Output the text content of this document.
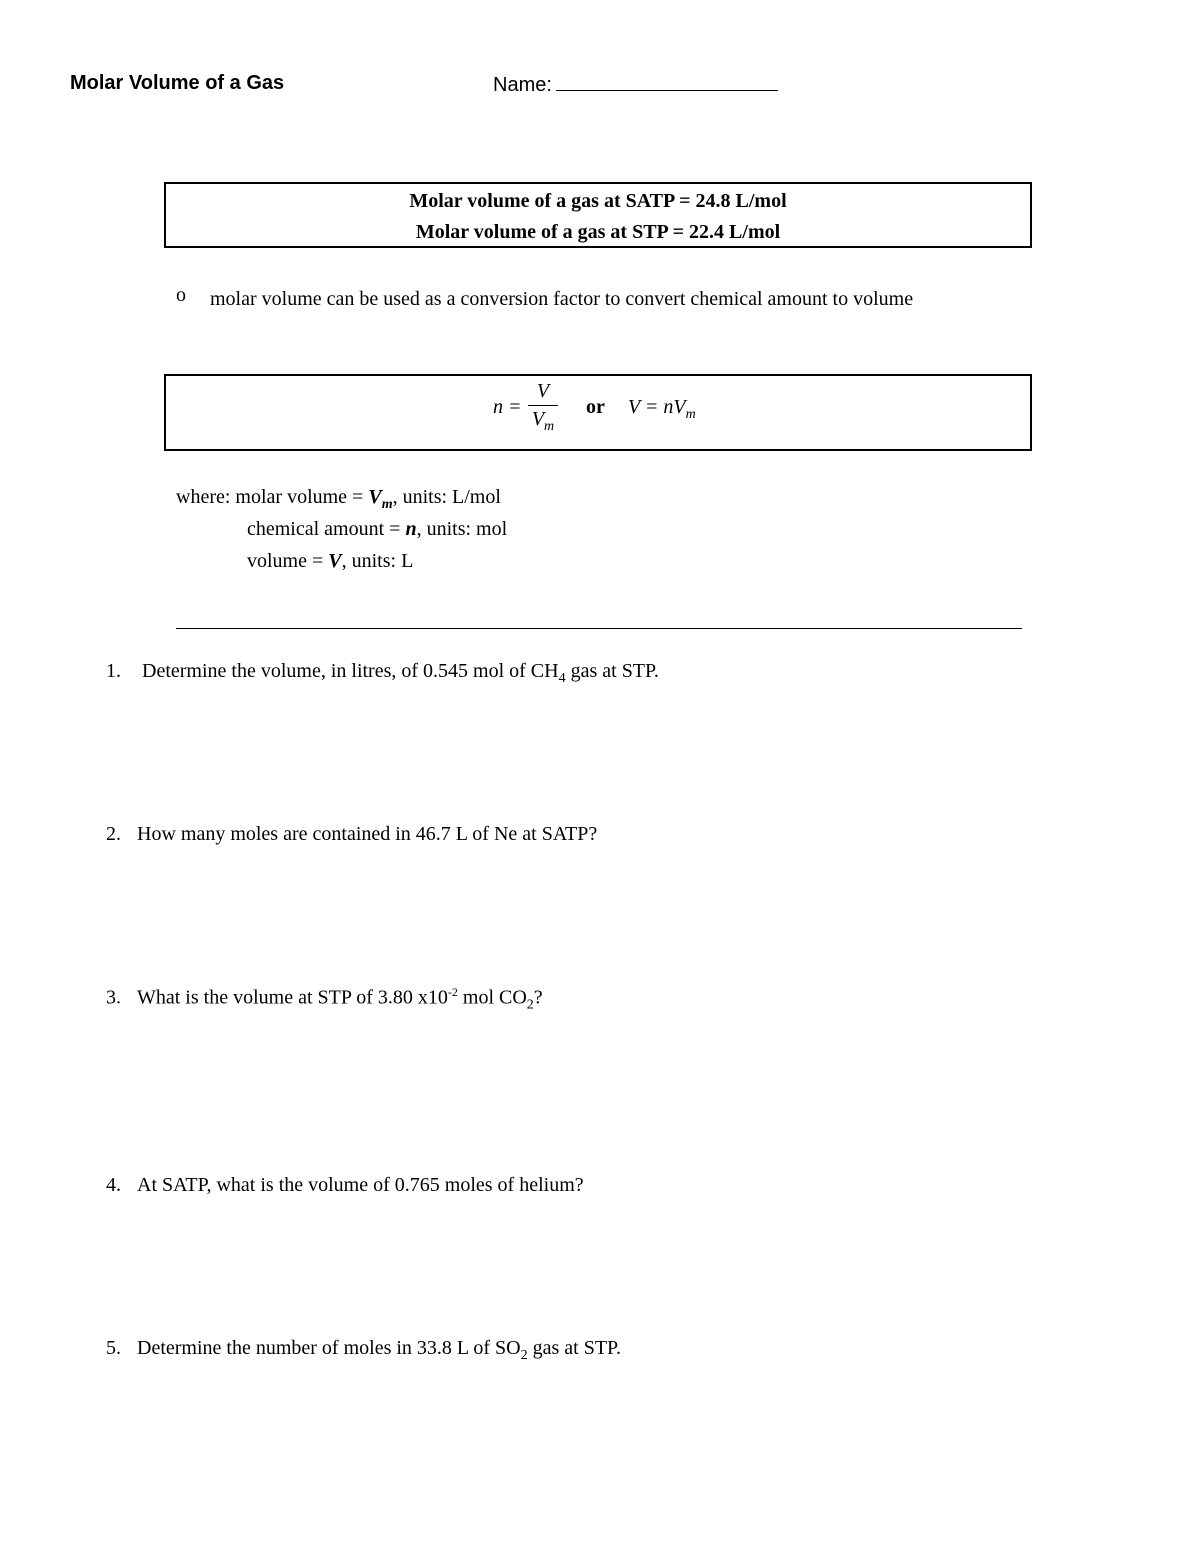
Molar Volume of a Gas	Name:
Molar volume of a gas at SATP = 24.8 L/mol
Molar volume of a gas at STP = 22.4 L/mol
o molar volume can be used as a conversion factor to convert chemical amount to volume
n =
V
$V_m$
or $V = nV_m$
where: molar volume = $V_m$, units: L/mol
chemical amount = n, units: mol
volume = V, units: L
1. Determine the volume, in litres, of 0.545 mol of $CH_4$ gas at STP.
2. How many moles are contained in 46.7 L of Ne at SATP?
3. What is the volume at STP of 3.80 $x10^{-2}$ mol $CO_2$?
4. At SATP, what is the volume of 0.765 moles of helium?
5. Determine the number of moles in 33.8 L of $SO_2$ gas at STP.
